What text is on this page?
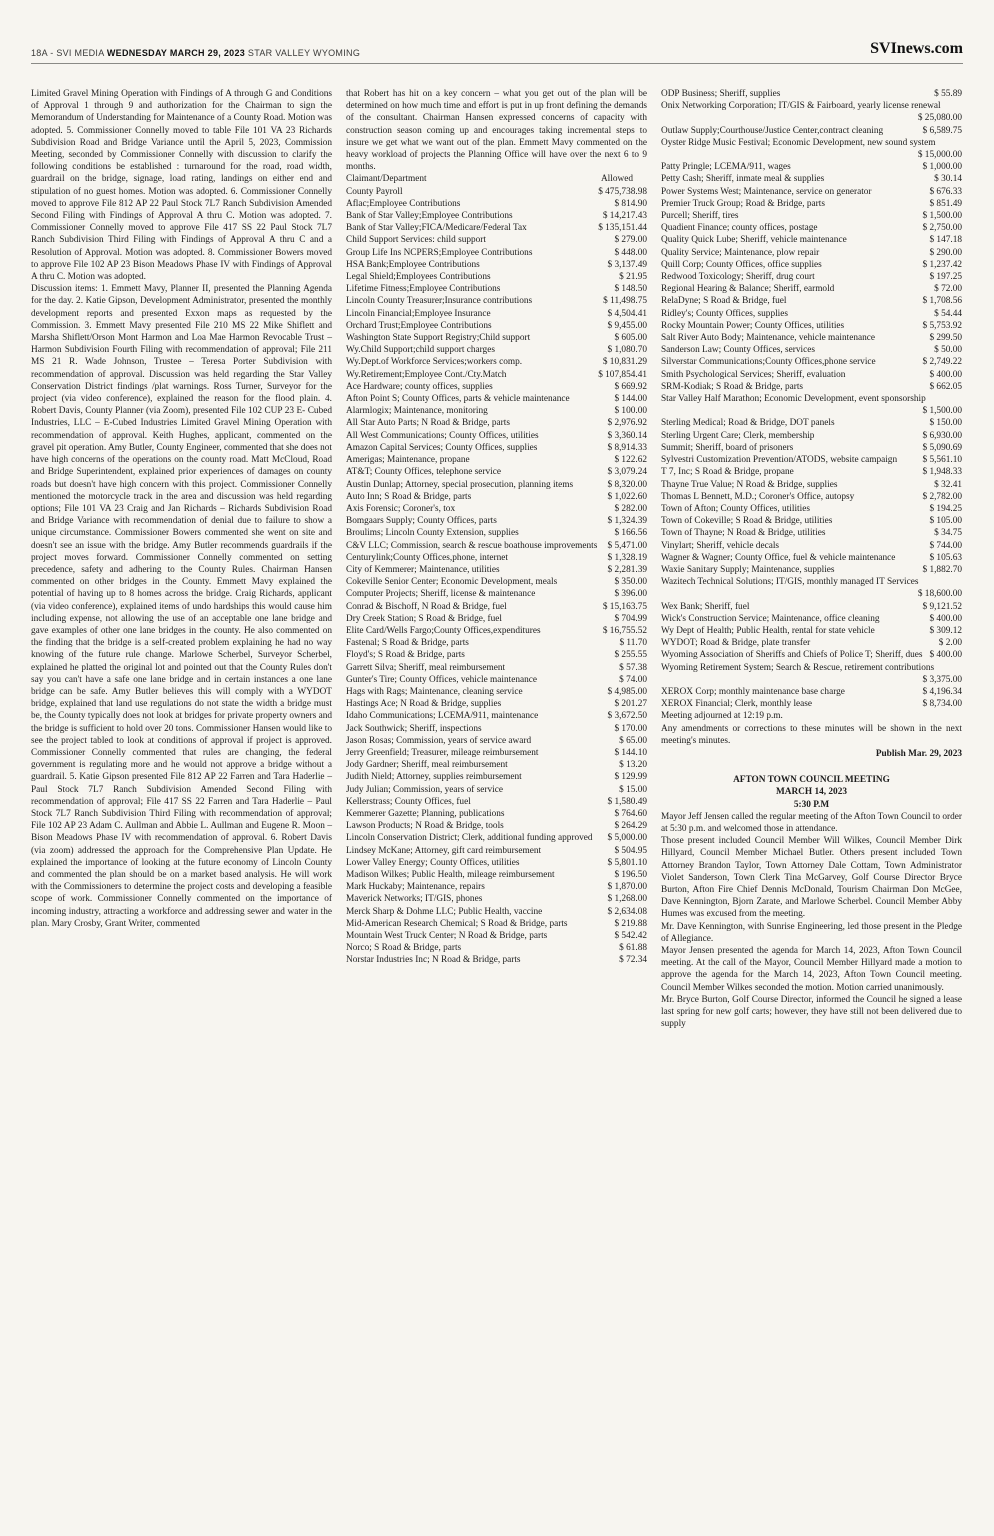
18A - SVI MEDIA WEDNESDAY MARCH 29, 2023 STAR VALLEY WYOMING	SVInews.com

Limited Gravel Mining Operation with Findings of A through G and Conditions of Approval 1 through 9 and authorization for the Chairman to sign the Memorandum of Understanding for Maintenance of a County Road. Motion was adopted. 5. Commissioner Connelly moved to table File 101 VA 23 Richards Subdivision Road and Bridge Variance until the April 5, 2023, Commission Meeting, seconded by Commissioner Connelly with discussion to clarify the following conditions be established : turnaround for the road, road width, guardrail on the bridge, signage, load rating, landings on either end and stipulation of no guest homes. Motion was adopted. 6. Commissioner Connelly moved to approve File 812 AP 22 Paul Stock 7L7 Ranch Subdivision Amended Second Filing with Findings of Approval A thru C. Motion was adopted. 7. Commissioner Connelly moved to approve File 417 SS 22 Paul Stock 7L7 Ranch Subdivision Third Filing with Findings of Approval A thru C and a Resolution of Approval. Motion was adopted. 8. Commissioner Bowers moved to approve File 102 AP 23 Bison Meadows Phase IV with Findings of Approval A thru C. Motion was adopted.

Discussion items: 1. Emmett Mavy, Planner II, presented the Planning Agenda for the day. 2. Katie Gipson, Development Administrator, presented the monthly development reports and presented Exxon maps as requested by the Commission. 3. Emmett Mavy presented File 210 MS 22 Mike Shiflett and Marsha Shiflett/Orson Mont Harmon and Loa Mae Harmon Revocable Trust – Harmon Subdivision Fourth Filing with recommendation of approval; File 211 MS 21 R. Wade Johnson, Trustee – Teresa Porter Subdivision with recommendation of approval. Discussion was held regarding the Star Valley Conservation District findings /plat warnings. Ross Turner, Surveyor for the project (via video conference), explained the reason for the flood plain. 4. Robert Davis, County Planner (via Zoom), presented File 102 CUP 23 E- Cubed Industries, LLC – E-Cubed Industries Limited Gravel Mining Operation with recommendation of approval. Keith Hughes, applicant, commented on the gravel pit operation. Amy Butler, County Engineer, commented that she does not have high concerns of the operations on the county road. Matt McCloud, Road and Bridge Superintendent, explained prior experiences of damages on county roads but doesn't have high concern with this project. Commissioner Connelly mentioned the motorcycle track in the area and discussion was held regarding options; File 101 VA 23 Craig and Jan Richards – Richards Subdivision Road and Bridge Variance with recommendation of denial due to failure to show a unique circumstance. Commissioner Bowers commented she went on site and doesn't see an issue with the bridge. Amy Butler recommends guardrails if the project moves forward. Commissioner Connelly commented on setting precedence, safety and adhering to the County Rules. Chairman Hansen commented on other bridges in the County. Emmett Mavy explained the potential of having up to 8 homes across the bridge. Craig Richards, applicant (via video conference), explained items of undo hardships this would cause him including expense, not allowing the use of an acceptable one lane bridge and gave examples of other one lane bridges in the county. He also commented on the finding that the bridge is a self-created problem explaining he had no way knowing of the future rule change. Marlowe Scherbel, Surveyor Scherbel, explained he platted the original lot and pointed out that the County Rules don't say you can't have a safe one lane bridge and in certain instances a one lane bridge can be safe. Amy Butler believes this will comply with a WYDOT bridge, explained that land use regulations do not state the width a bridge must be, the County typically does not look at bridges for private property owners and the bridge is sufficient to hold over 20 tons. Commissioner Hansen would like to see the project tabled to look at conditions of approval if project is approved. Commissioner Connelly commented that rules are changing, the federal government is regulating more and he would not approve a bridge without a guardrail. 5. Katie Gipson presented File 812 AP 22 Farren and Tara Haderlie – Paul Stock 7L7 Ranch Subdivision Amended Second Filing with recommendation of approval; File 417 SS 22 Farren and Tara Haderlie – Paul Stock 7L7 Ranch Subdivision Third Filing with recommendation of approval; File 102 AP 23 Adam C. Aullman and Abbie L. Aullman and Eugene R. Moon – Bison Meadows Phase IV with recommendation of approval. 6. Robert Davis (via zoom) addressed the approach for the Comprehensive Plan Update. He explained the importance of looking at the future economy of Lincoln County and commented the plan should be on a market based analysis. He will work with the Commissioners to determine the project costs and developing a feasible scope of work. Commissioner Connelly commented on the importance of incoming industry, attracting a workforce and addressing sewer and water in the plan. Mary Crosby, Grant Writer, commented

that Robert has hit on a key concern – what you get out of the plan will be determined on how much time and effort is put in up front defining the demands of the consultant. Chairman Hansen expressed concerns of capacity with construction season coming up and encourages taking incremental steps to insure we get what we want out of the plan. Emmett Mavy commented on the heavy workload of projects the Planning Office will have over the next 6 to 9 months.

Claimant/Department	Allowed
County Payroll	$ 475,738.98
Aflac;Employee Contributions	$ 814.90
Bank of Star Valley;Employee Contributions	$ 14,217.43
Bank of Star Valley;FICA/Medicare/Federal Tax	$ 135,151.44
Child Support Services: child support	$ 279.00
Group Life Ins NCPERS;Employee Contributions	$ 448.00
HSA Bank;Employee Contributions	$ 3,137.49
Legal Shield;Employees Contributions	$ 21.95
Lifetime Fitness;Employee Contributions	$ 148.50
Lincoln County Treasurer;Insurance contributions	$ 11,498.75
Lincoln Financial;Employee Insurance	$ 4,504.41
Orchard Trust;Employee Contributions	$ 9,455.00
Washington State Support Registry;Child support	$ 605.00
Wy.Child Support;child support charges	$ 1,080.70
Wy.Dept.of Workforce Services;workers comp.	$ 10,831.29
Wy.Retirement;Employee Cont./Cty.Match	$ 107,854.41
Ace Hardware; county offices, supplies	$ 669.92
Afton Point S; County Offices, parts & vehicle maintenance	$ 144.00
Alarmlogix; Maintenance, monitoring	$ 100.00
All Star Auto Parts; N Road & Bridge, parts	$ 2,976.92
All West Communications; County Offices, utilities	$ 3,360.14
Amazon Capital Services; County Offices, supplies	$ 8,914.33
Amerigas; Maintenance, propane	$ 122.62
AT&T; County Offices, telephone service	$ 3,079.24
Austin Dunlap; Attorney, special prosecution, planning items	$ 8,320.00
Auto Inn; S Road & Bridge, parts	$ 1,022.60
Axis Forensic; Coroner's, tox	$ 282.00
Bomgaars Supply; County Offices, parts	$ 1,324.39
Broulims; Lincoln County Extension, supplies	$ 166.56
C&V LLC; Commission, search & rescue boathouse improvements	$ 5,471.00
Centurylink;County Offices,phone, internet	$ 1,328.19
City of Kemmerer; Maintenance, utilities	$ 2,281.39
Cokeville Senior Center; Economic Development, meals	$ 350.00
Computer Projects; Sheriff, license & maintenance	$ 396.00
Conrad & Bischoff, N Road & Bridge, fuel	$ 15,163.75
Dry Creek Station; S Road & Bridge, fuel	$ 704.99
Elite Card/Wells Fargo;County Offices,expenditures	$ 16,755.52
Fastenal; S Road & Bridge, parts	$ 11.70
Floyd's; S Road & Bridge, parts	$ 255.55
Garrett Silva; Sheriff, meal reimbursement	$ 57.38
Gunter's Tire; County Offices, vehicle maintenance	$ 74.00
Hags with Rags; Maintenance, cleaning service	$ 4,985.00
Hastings Ace; N Road & Bridge, supplies	$ 201.27
Idaho Communications; LCEMA/911, maintenance	$ 3,672.50
Jack Southwick; Sheriff, inspections	$ 170.00
Jason Rosas; Commission, years of service award	$ 65.00
Jerry Greenfield; Treasurer, mileage reimbursement	$ 144.10
Jody Gardner; Sheriff, meal reimbursement	$ 13.20
Judith Nield; Attorney, supplies reimbursement	$ 129.99
Judy Julian; Commission, years of service	$ 15.00
Kellerstrass; County Offices, fuel	$ 1,580.49
Kemmerer Gazette; Planning, publications	$ 764.60
Lawson Products; N Road & Bridge, tools	$ 264.29
Lincoln Conservation District; Clerk, additional funding approved	$ 5,000.00
Lindsey McKane; Attorney, gift card reimbursement	$ 504.95
Lower Valley Energy; County Offices, utilities	$ 5,801.10
Madison Wilkes; Public Health, mileage reimbursement	$ 196.50
Mark Huckaby; Maintenance, repairs	$ 1,870.00
Maverick Networks; IT/GIS, phones	$ 1,268.00
Merck Sharp & Dohme LLC; Public Health, vaccine	$ 2,634.08
Mid-American Research Chemical; S Road & Bridge, parts	$ 219.88
Mountain West Truck Center; N Road & Bridge, parts	$ 542.42
Norco; S Road & Bridge, parts	$ 61.88
Norstar Industries Inc; N Road & Bridge, parts	$ 72.34
ODP Business; Sheriff, supplies	$ 55.89
Onix Networking Corporation; IT/GIS & Fairboard, yearly license renewal
$ 25,080.00
Outlaw Supply;Courthouse/Justice Center,contract cleaning	$ 6,589.75
Oyster Ridge Music Festival; Economic Development, new sound system
$ 15,000.00
Patty Pringle; LCEMA/911, wages	$ 1,000.00
Petty Cash; Sheriff, inmate meal & supplies	$ 30.14
Power Systems West; Maintenance, service on generator	$ 676.33
Premier Truck Group; Road & Bridge, parts	$ 851.49
Purcell; Sheriff, tires	$ 1,500.00
Quadient Finance; county offices, postage	$ 2,750.00
Quality Quick Lube; Sheriff, vehicle maintenance	$ 147.18
Quality Service; Maintenance, plow repair	$ 290.00
Quill Corp; County Offices, office supplies	$ 1,237.42
Redwood Toxicology; Sheriff, drug court	$ 197.25
Regional Hearing & Balance; Sheriff, earmold	$ 72.00
RelaDyne; S Road & Bridge, fuel	$ 1,708.56
Ridley's; County Offices, supplies	$ 54.44
Rocky Mountain Power; County Offices, utilities	$ 5,753.92
Salt River Auto Body; Maintenance, vehicle maintenance	$ 299.50
Sanderson Law; County Offices, services	$ 50.00
Silverstar Communications;County Offices,phone service	$ 2,749.22
Smith Psychological Services; Sheriff, evaluation	$ 400.00
SRM-Kodiak; S Road & Bridge, parts	$ 662.05
Star Valley Half Marathon; Economic Development, event sponsorship
$ 1,500.00
Sterling Medical; Road & Bridge, DOT panels	$ 150.00
Sterling Urgent Care; Clerk, membership	$ 6,930.00
Summit; Sheriff, board of prisoners	$ 5,090.69
Sylvestri Customization Prevention/ATODS, website campaign	$ 5,561.10
T 7, Inc; S Road & Bridge, propane	$ 1,948.33
Thayne True Value; N Road & Bridge, supplies	$ 32.41
Thomas L Bennett, M.D.; Coroner's Office, autopsy	$ 2,782.00
Town of Afton; County Offices, utilities	$ 194.25
Town of Cokeville; S Road & Bridge, utilities	$ 105.00
Town of Thayne; N Road & Bridge, utilities	$ 34.75
Vinylart; Sheriff, vehicle decals	$ 744.00
Wagner & Wagner; County Office, fuel & vehicle maintenance	$ 105.63
Waxie Sanitary Supply; Maintenance, supplies	$ 1,882.70
Wazitech Technical Solutions; IT/GIS, monthly managed IT Services
$ 18,600.00
Wex Bank; Sheriff, fuel	$ 9,121.52
Wick's Construction Service; Maintenance, office cleaning	$ 400.00
Wy Dept of Health; Public Health, rental for state vehicle	$ 309.12
WYDOT; Road & Bridge, plate transfer	$ 2.00
Wyoming Association of Sheriffs and Chiefs of Police T; Sheriff, dues $ 400.00
Wyoming Retirement System; Search & Rescue, retirement contributions
$ 3,375.00
XEROX Corp; monthly maintenance base charge	$ 4,196.34
XEROX Financial; Clerk, monthly lease	$ 8,734.00

Meeting adjourned at 12:19 p.m.

Any amendments or corrections to these minutes will be shown in the next meeting's minutes.

Publish Mar. 29, 2023

AFTON TOWN COUNCIL MEETING

MARCH 14, 2023

5:30 P.M

Mayor Jeff Jensen called the regular meeting of the Afton Town Council to order at 5:30 p.m. and welcomed those in attendance.

Those present included Council Member Will Wilkes, Council Member Dirk Hillyard, Council Member Michael Butler. Others present included Town Attorney Brandon Taylor, Town Attorney Dale Cottam, Town Administrator Violet Sanderson, Town Clerk Tina McGarvey, Golf Course Director Bryce Burton, Afton Fire Chief Dennis McDonald, Tourism Chairman Don McGee, Dave Kennington, Bjorn Zarate, and Marlowe Scherbel. Council Member Abby Humes was excused from the meeting.

Mr. Dave Kennington, with Sunrise Engineering, led those present in the Pledge of Allegiance.

Mayor Jensen presented the agenda for March 14, 2023, Afton Town Council meeting. At the call of the Mayor, Council Member Hillyard made a motion to approve the agenda for the March 14, 2023, Afton Town Council meeting. Council Member Wilkes seconded the motion. Motion carried unanimously.

Mr. Bryce Burton, Golf Course Director, informed the Council he signed a lease last spring for new golf carts; however, they have still not been delivered due to supply
